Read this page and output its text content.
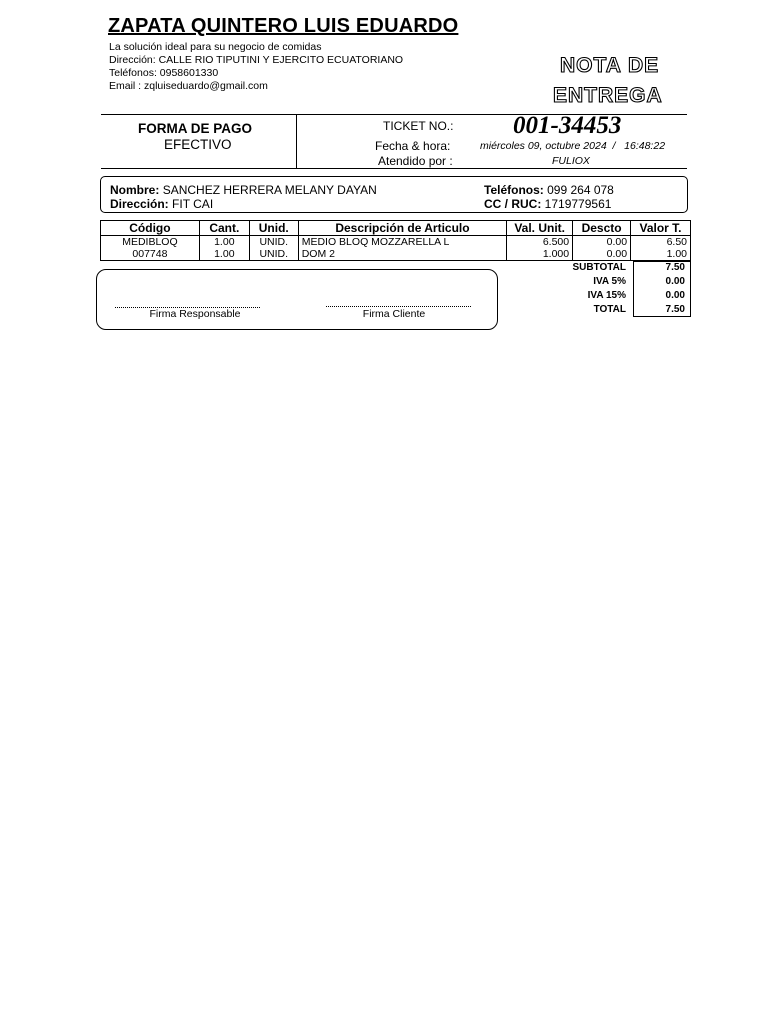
ZAPATA QUINTERO LUIS EDUARDO
La solución ideal para su negocio de comidas
Dirección: CALLE RIO TIPUTINI Y EJERCITO ECUATORIANO
Teléfonos: 0958601330
Email : zqluiseduardo@gmail.com
NOTA DE
ENTREGA
FORMA DE PAGO
EFECTIVO
TICKET NO.: 001-34453
Fecha & hora:	miércoles 09, octubre 2024  /   16:48:22
Atendido por :	FULIOX
Nombre: SANCHEZ HERRERA MELANY DAYAN
Dirección: FIT CAI
Teléfonos: 099 264 078
CC / RUC: 1719779561
Código	Cant.	Unid.	Descripción de Articulo	Val. Unit.	Descto	Valor T.
MEDIBLOQ	1.00	UNID.	MEDIO BLOQ MOZZARELLA L	6.500	0.00	6.50
007748	1.00	UNID.	DOM 2	1.000	0.00	1.00
Firma Responsable	Firma Cliente
SUBTOTAL	7.50
IVA 5%	0.00
IVA 15%	0.00
TOTAL	7.50
